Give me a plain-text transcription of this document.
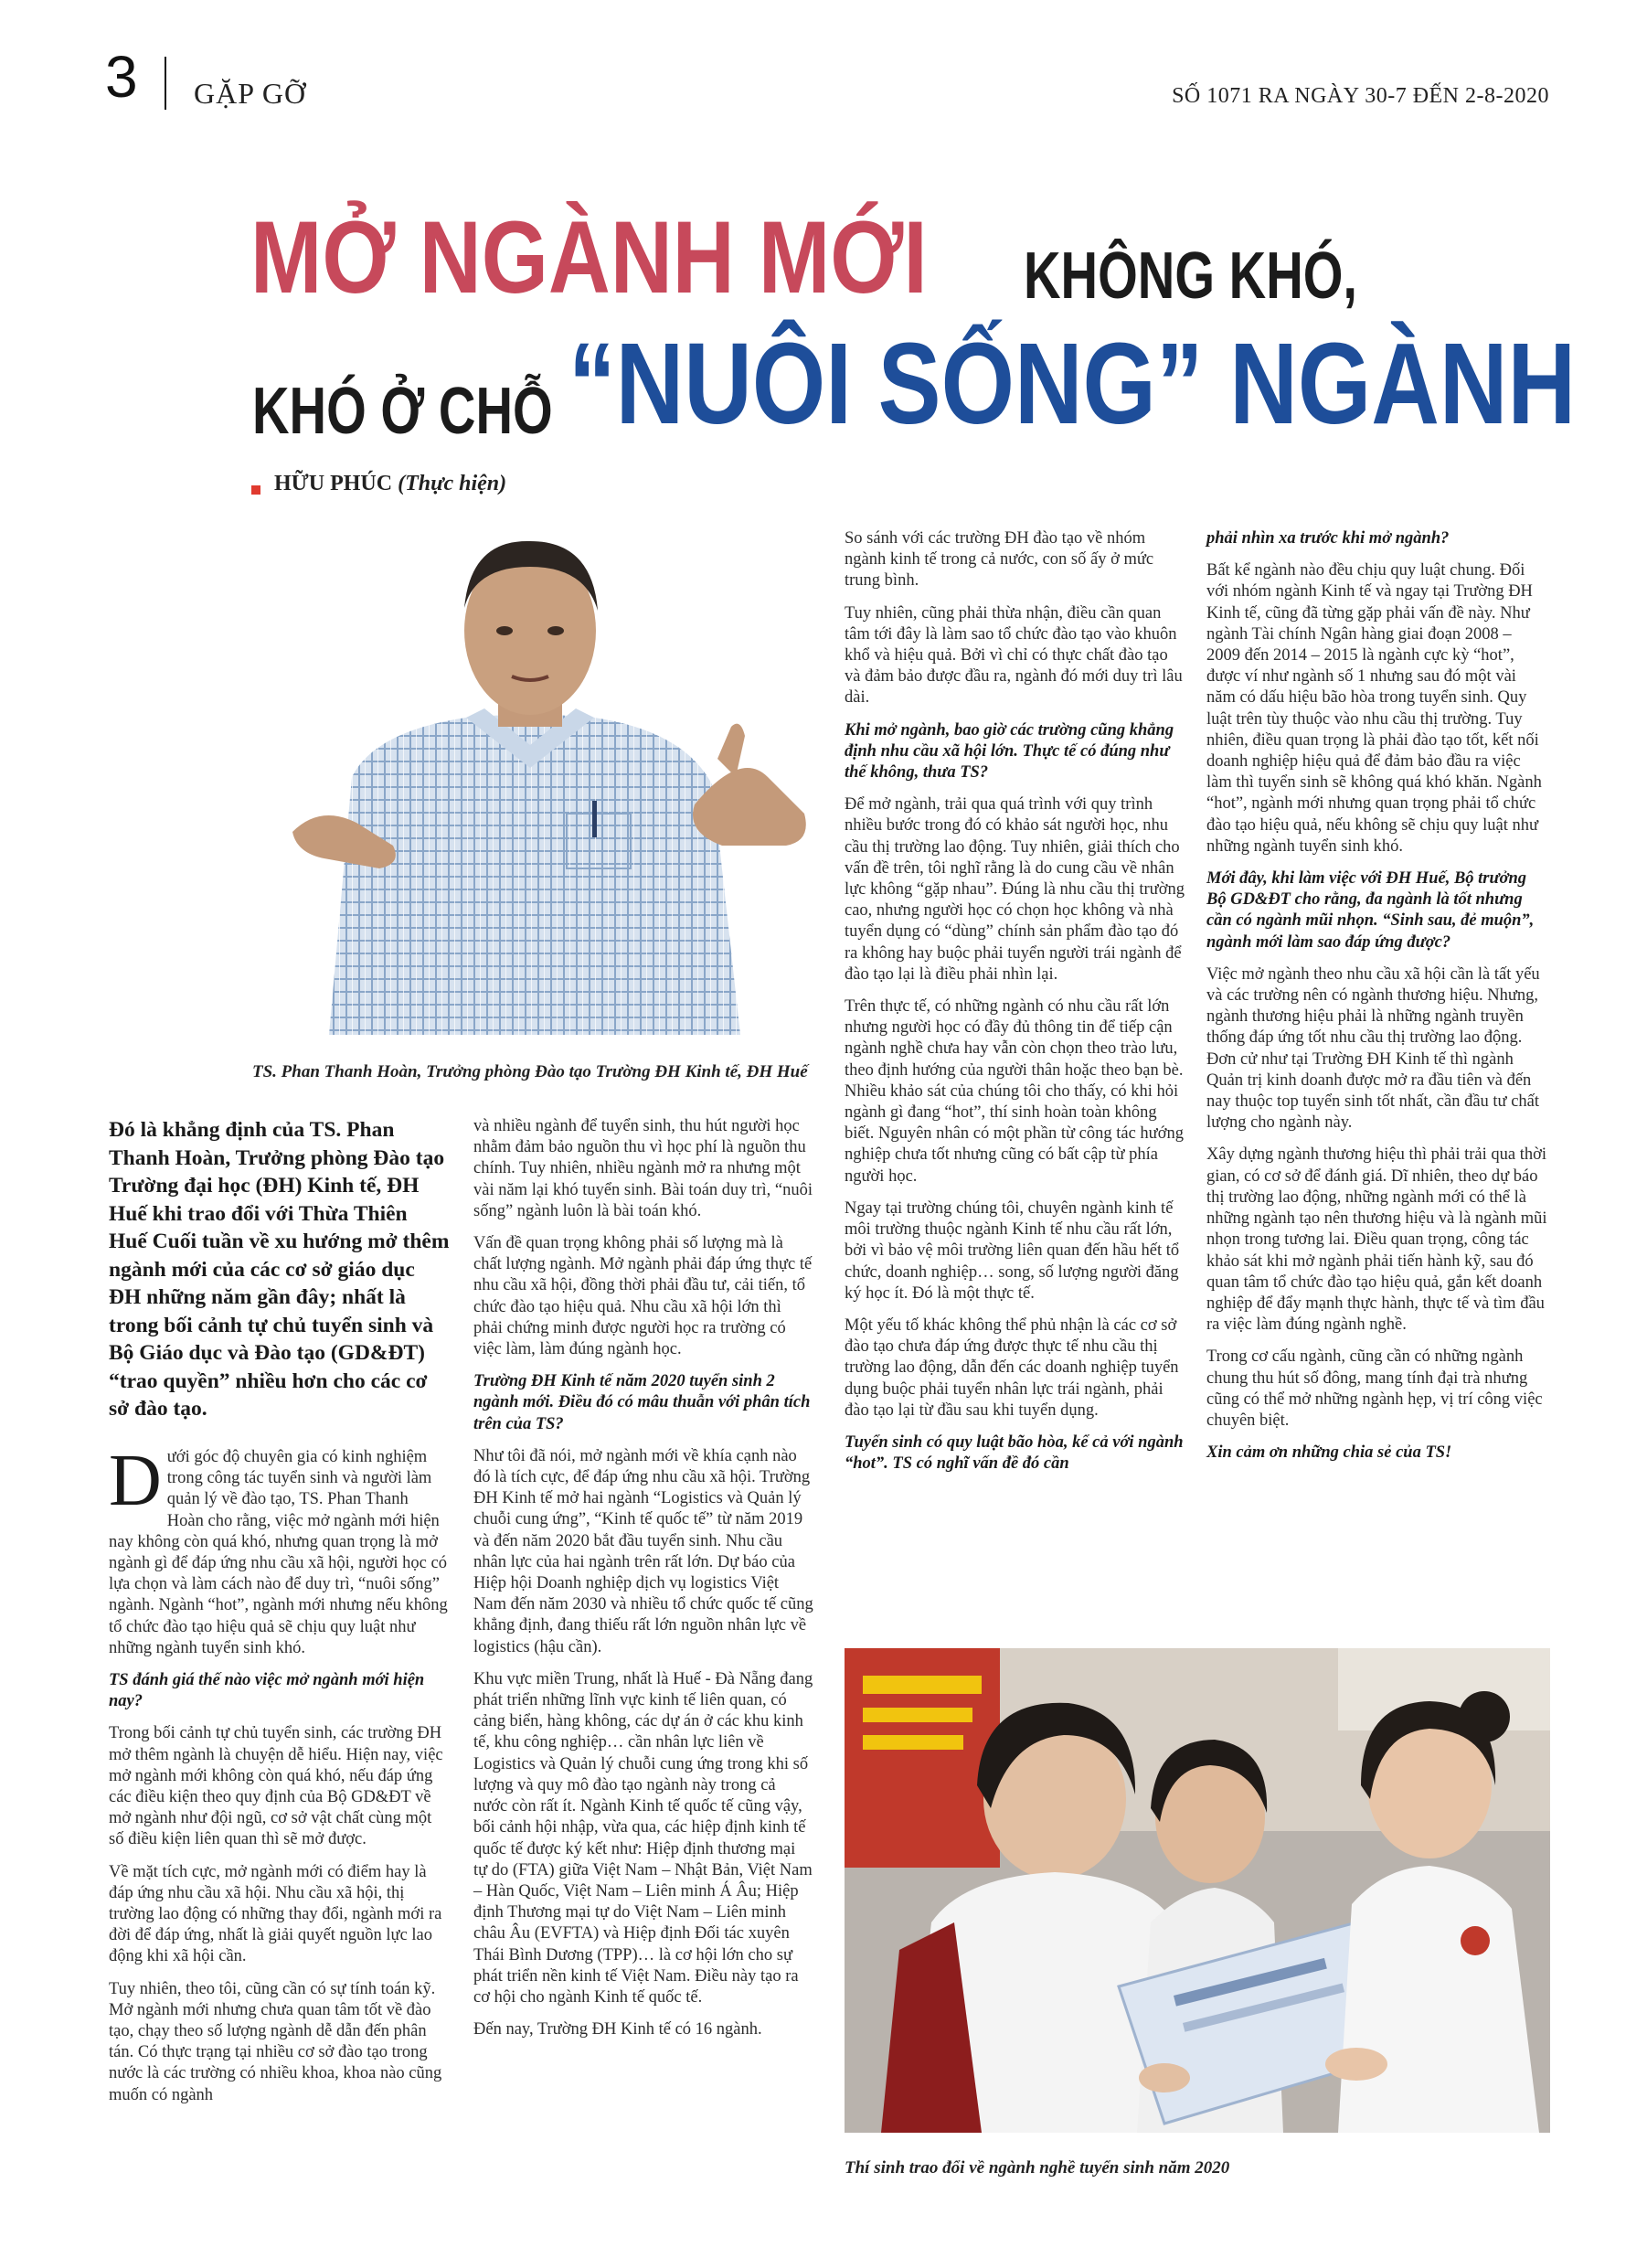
3 GẶP GỠ	SỐ 1071 RA NGÀY 30-7 ĐẾN 2-8-2020
MỞ NGÀNH MỚI KHÔNG KHÓ,
KHÓ Ở CHỖ “NUÔI SỐNG” NGÀNH
HỮU PHÚC (Thực hiện)
TS. Phan Thanh Hoàn, Trưởng phòng Đào tạo Trường ĐH Kinh tế, ĐH Huế
Đó là khẳng định của TS. Phan Thanh Hoàn, Trưởng phòng Đào tạo Trường đại học (ĐH) Kinh tế, ĐH Huế khi trao đổi với Thừa Thiên Huế Cuối tuần về xu hướng mở thêm ngành mới của các cơ sở giáo dục ĐH những năm gần đây; nhất là trong bối cảnh tự chủ tuyển sinh và Bộ Giáo dục và Đào tạo (GD&ĐT) “trao quyền” nhiều hơn cho các cơ sở đào tạo.

Dưới góc độ chuyên gia có kinh nghiệm trong công tác tuyển sinh và người làm quản lý về đào tạo, TS. Phan Thanh Hoàn cho rằng, việc mở ngành mới hiện nay không còn quá khó, nhưng quan trọng là mở ngành gì để đáp ứng nhu cầu xã hội, người học có lựa chọn và làm cách nào để duy trì, “nuôi sống” ngành. Ngành “hot”, ngành mới nhưng nếu không tổ chức đào tạo hiệu quả sẽ chịu quy luật như những ngành tuyển sinh khó.

TS đánh giá thế nào việc mở ngành mới hiện nay?

Trong bối cảnh tự chủ tuyển sinh, các trường ĐH mở thêm ngành là chuyện dễ hiểu. Hiện nay, việc mở ngành mới không còn quá khó, nếu đáp ứng các điều kiện theo quy định của Bộ GD&ĐT về mở ngành như đội ngũ, cơ sở vật chất cùng một số điều kiện liên quan thì sẽ mở được.

Về mặt tích cực, mở ngành mới có điểm hay là đáp ứng nhu cầu xã hội. Nhu cầu xã hội, thị trường lao động có những thay đổi, ngành mới ra đời để đáp ứng, nhất là giải quyết nguồn lực lao động khi xã hội cần.

Tuy nhiên, theo tôi, cũng cần có sự tính toán kỹ. Mở ngành mới nhưng chưa quan tâm tốt về đào tạo, chạy theo số lượng ngành dễ dẫn đến phân tán. Có thực trạng tại nhiều cơ sở đào tạo trong nước là các trường có nhiều khoa, khoa nào cũng muốn có ngành

và nhiều ngành để tuyển sinh, thu hút người học nhằm đảm bảo nguồn thu vì học phí là nguồn thu chính. Tuy nhiên, nhiều ngành mở ra nhưng một vài năm lại khó tuyển sinh. Bài toán duy trì, “nuôi sống” ngành luôn là bài toán khó.

Vấn đề quan trọng không phải số lượng mà là chất lượng ngành. Mở ngành phải đáp ứng thực tế nhu cầu xã hội, đồng thời phải đầu tư, cải tiến, tổ chức đào tạo hiệu quả. Nhu cầu xã hội lớn thì phải chứng minh được người học ra trường có việc làm, làm đúng ngành học.

Trường ĐH Kinh tế năm 2020 tuyển sinh 2 ngành mới. Điều đó có mâu thuẫn với phân tích trên của TS?

Như tôi đã nói, mở ngành mới về khía cạnh nào đó là tích cực, để đáp ứng nhu cầu xã hội. Trường ĐH Kinh tế mở hai ngành “Logistics và Quản lý chuỗi cung ứng”, “Kinh tế quốc tế” từ năm 2019 và đến năm 2020 bắt đầu tuyển sinh. Nhu cầu nhân lực của hai ngành trên rất lớn. Dự báo của Hiệp hội Doanh nghiệp dịch vụ logistics Việt Nam đến năm 2030 và nhiều tổ chức quốc tế cũng khẳng định, đang thiếu rất lớn nguồn nhân lực về logistics (hậu cần).

Khu vực miền Trung, nhất là Huế - Đà Nẵng đang phát triển những lĩnh vực kinh tế liên quan, có cảng biển, hàng không, các dự án ở các khu kinh tế, khu công nghiệp… cần nhân lực liên về Logistics và Quản lý chuỗi cung ứng trong khi số lượng và quy mô đào tạo ngành này trong cả nước còn rất ít. Ngành Kinh tế quốc tế cũng vậy, bối cảnh hội nhập, vừa qua, các hiệp định kinh tế quốc tế được ký kết như: Hiệp định thương mại tự do (FTA) giữa Việt Nam – Nhật Bản, Việt Nam – Hàn Quốc, Việt Nam – Liên minh Á Âu; Hiệp định Thương mại tự do Việt Nam – Liên minh châu Âu (EVFTA) và Hiệp định Đối tác xuyên Thái Bình Dương (TPP)… là cơ hội lớn cho sự phát triển nền kinh tế Việt Nam. Điều này tạo ra cơ hội cho ngành Kinh tế quốc tế.

Đến nay, Trường ĐH Kinh tế có 16 ngành.

So sánh với các trường ĐH đào tạo về nhóm ngành kinh tế trong cả nước, con số ấy ở mức trung bình.

Tuy nhiên, cũng phải thừa nhận, điều cần quan tâm tới đây là làm sao tổ chức đào tạo vào khuôn khổ và hiệu quả. Bởi vì chỉ có thực chất đào tạo và đảm bảo được đầu ra, ngành đó mới duy trì lâu dài.

Khi mở ngành, bao giờ các trường cũng khẳng định nhu cầu xã hội lớn. Thực tế có đúng như thế không, thưa TS?

Để mở ngành, trải qua quá trình với quy trình nhiều bước trong đó có khảo sát người học, nhu cầu thị trường lao động. Tuy nhiên, giải thích cho vấn đề trên, tôi nghĩ rằng là do cung cầu về nhân lực không “gặp nhau”. Đúng là nhu cầu thị trường cao, nhưng người học có chọn học không và nhà tuyển dụng có “dùng” chính sản phẩm đào tạo đó ra không hay buộc phải tuyển người trái ngành để đào tạo lại là điều phải nhìn lại.

Trên thực tế, có những ngành có nhu cầu rất lớn nhưng người học có đầy đủ thông tin để tiếp cận ngành nghề chưa hay vẫn còn chọn theo trào lưu, theo định hướng của người thân hoặc theo bạn bè. Nhiều khảo sát của chúng tôi cho thấy, có khi hỏi ngành gì đang “hot”, thí sinh hoàn toàn không biết. Nguyên nhân có một phần từ công tác hướng nghiệp chưa tốt nhưng cũng có bất cập từ phía người học.

Ngay tại trường chúng tôi, chuyên ngành kinh tế môi trường thuộc ngành Kinh tế nhu cầu rất lớn, bởi vì bảo vệ môi trường liên quan đến hầu hết tổ chức, doanh nghiệp… song, số lượng người đăng ký học ít. Đó là một thực tế.

Một yếu tố khác không thể phủ nhận là các cơ sở đào tạo chưa đáp ứng được thực tế nhu cầu thị trường lao động, dẫn đến các doanh nghiệp tuyển dụng buộc phải tuyển nhân lực trái ngành, phải đào tạo lại từ đầu sau khi tuyển dụng.

Tuyển sinh có quy luật bão hòa, kể cả với ngành “hot”. TS có nghĩ vấn đề đó cần

phải nhìn xa trước khi mở ngành?

Bất kể ngành nào đều chịu quy luật chung. Đối với nhóm ngành Kinh tế và ngay tại Trường ĐH Kinh tế, cũng đã từng gặp phải vấn đề này. Như ngành Tài chính Ngân hàng giai đoạn 2008 – 2009 đến 2014 – 2015 là ngành cực kỳ “hot”, được ví như ngành số 1 nhưng sau đó một vài năm có dấu hiệu bão hòa trong tuyển sinh. Quy luật trên tùy thuộc vào nhu cầu thị trường. Tuy nhiên, điều quan trọng là phải đào tạo tốt, kết nối doanh nghiệp hiệu quả để đảm bảo đầu ra việc làm thì tuyển sinh sẽ không quá khó khăn. Ngành “hot”, ngành mới nhưng quan trọng phải tổ chức đào tạo hiệu quả, nếu không sẽ chịu quy luật như những ngành tuyển sinh khó.

Mới đây, khi làm việc với ĐH Huế, Bộ trưởng Bộ GD&ĐT cho rằng, đa ngành là tốt nhưng cần có ngành mũi nhọn. “Sinh sau, đẻ muộn”, ngành mới làm sao đáp ứng được?

Việc mở ngành theo nhu cầu xã hội cần là tất yếu và các trường nên có ngành thương hiệu. Nhưng, ngành thương hiệu phải là những ngành truyền thống đáp ứng tốt nhu cầu thị trường lao động. Đơn cử như tại Trường ĐH Kinh tế thì ngành Quản trị kinh doanh được mở ra đầu tiên và đến nay thuộc top tuyển sinh tốt nhất, cần đầu tư chất lượng cho ngành này.

Xây dựng ngành thương hiệu thì phải trải qua thời gian, có cơ sở để đánh giá. Dĩ nhiên, theo dự báo thị trường lao động, những ngành mới có thể là những ngành tạo nên thương hiệu và là ngành mũi nhọn trong tương lai. Điều quan trọng, công tác khảo sát khi mở ngành phải tiến hành kỹ, sau đó quan tâm tổ chức đào tạo hiệu quả, gắn kết doanh nghiệp để đẩy mạnh thực hành, thực tế và tìm đầu ra việc làm đúng ngành nghề.

Trong cơ cấu ngành, cũng cần có những ngành chung thu hút số đông, mang tính đại trà nhưng cũng có thể mở những ngành hẹp, vị trí công việc chuyên biệt.

Xin cảm ơn những chia sẻ của TS!

Thí sinh trao đổi về ngành nghề tuyển sinh năm 2020
